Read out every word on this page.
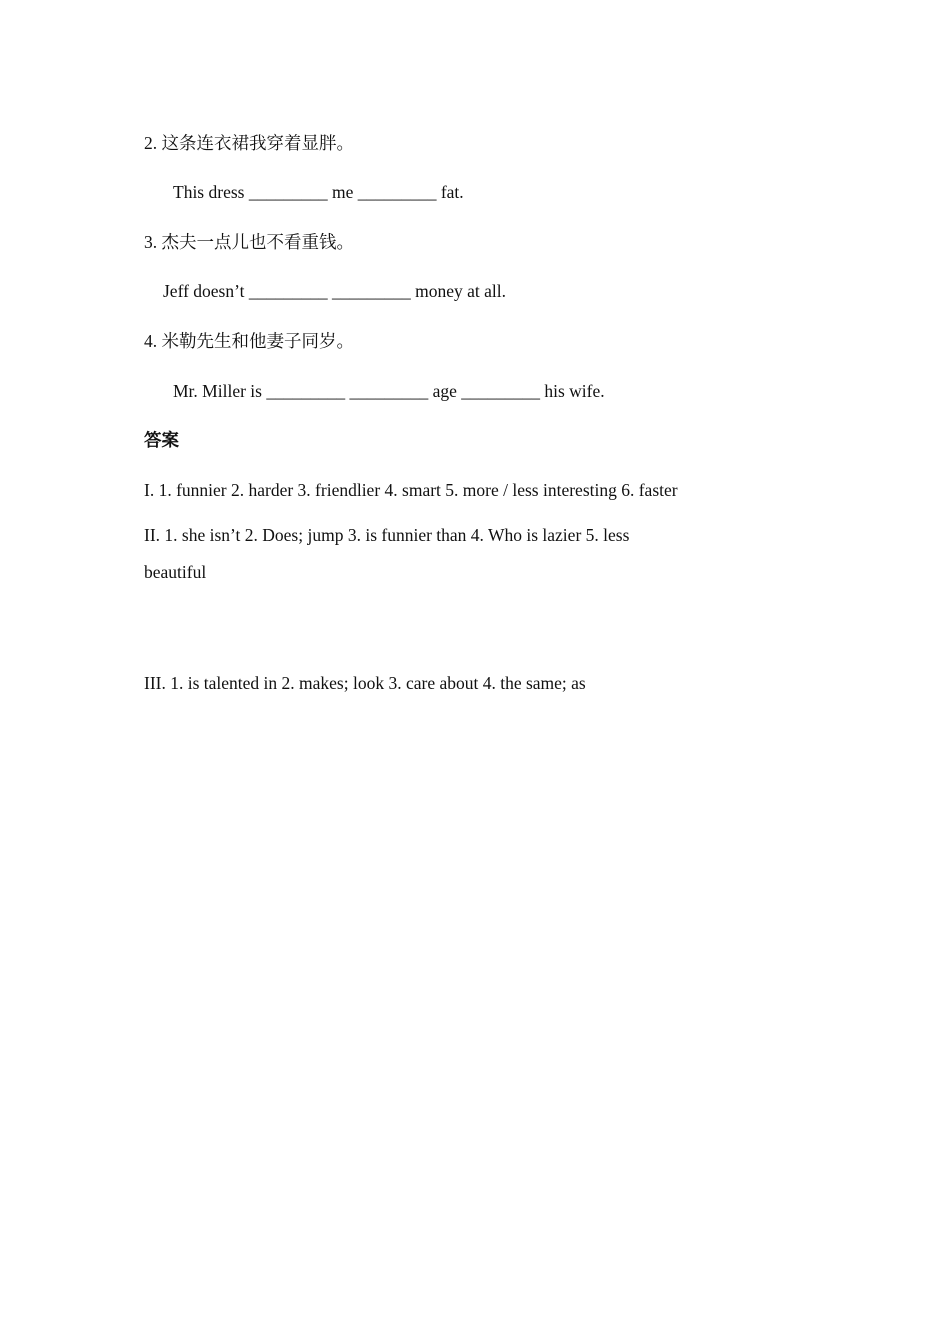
2. 这条连衣裙我穿着显胖。
This dress _________ me _________ fat.
3. 杰夫一点儿也不看重钱。
Jeff doesn’t _________ _________ money at all.
4. 米勒先生和他妻子同岁。
Mr. Miller is _________ _________ age _________ his wife.
答案
I. 1. funnier 2. harder 3. friendlier 4. smart 5. more / less interesting 6. faster
II. 1. she isn’t 2. Does; jump 3. is funnier than 4. Who is lazier 5. less
beautiful
III. 1. is talented in 2. makes; look 3. care about 4. the same; as
